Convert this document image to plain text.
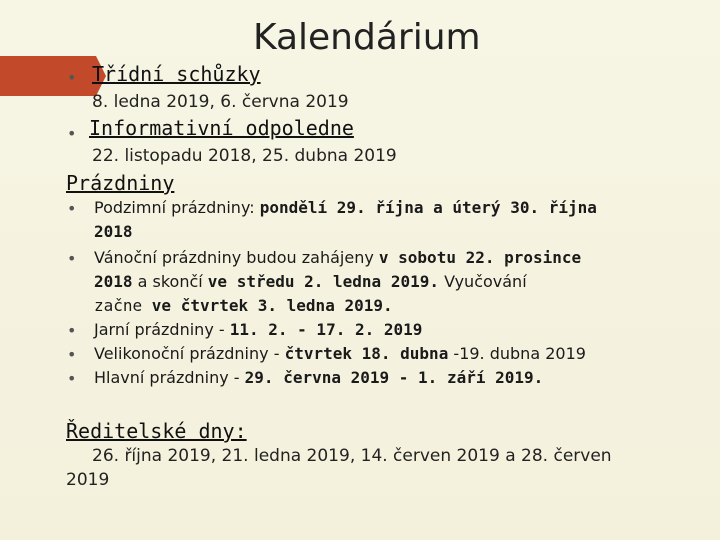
Kalendárium
• Třídní schůzky
8. ledna 2019, 6. června 2019
• Informativní odpoledne
22. listopadu 2018, 25. dubna 2019
Prázdniny
• Podzimní prázdniny: pondělí 29. října a úterý 30. října
2018
• Vánoční prázdniny budou zahájeny v sobotu 22. prosince
2018 a skončí ve středu 2. ledna 2019. Vyučování
začne ve čtvrtek 3. ledna 2019.
• Jarní prázdniny - 11. 2. - 17. 2. 2019
• Velikonoční prázdniny - čtvrtek 18. dubna -19. dubna 2019
• Hlavní prázdniny - 29. června 2019 - 1. září 2019.
Ředitelské dny:
26. října 2019, 21. ledna 2019, 14. červen 2019 a 28. červen
2019
